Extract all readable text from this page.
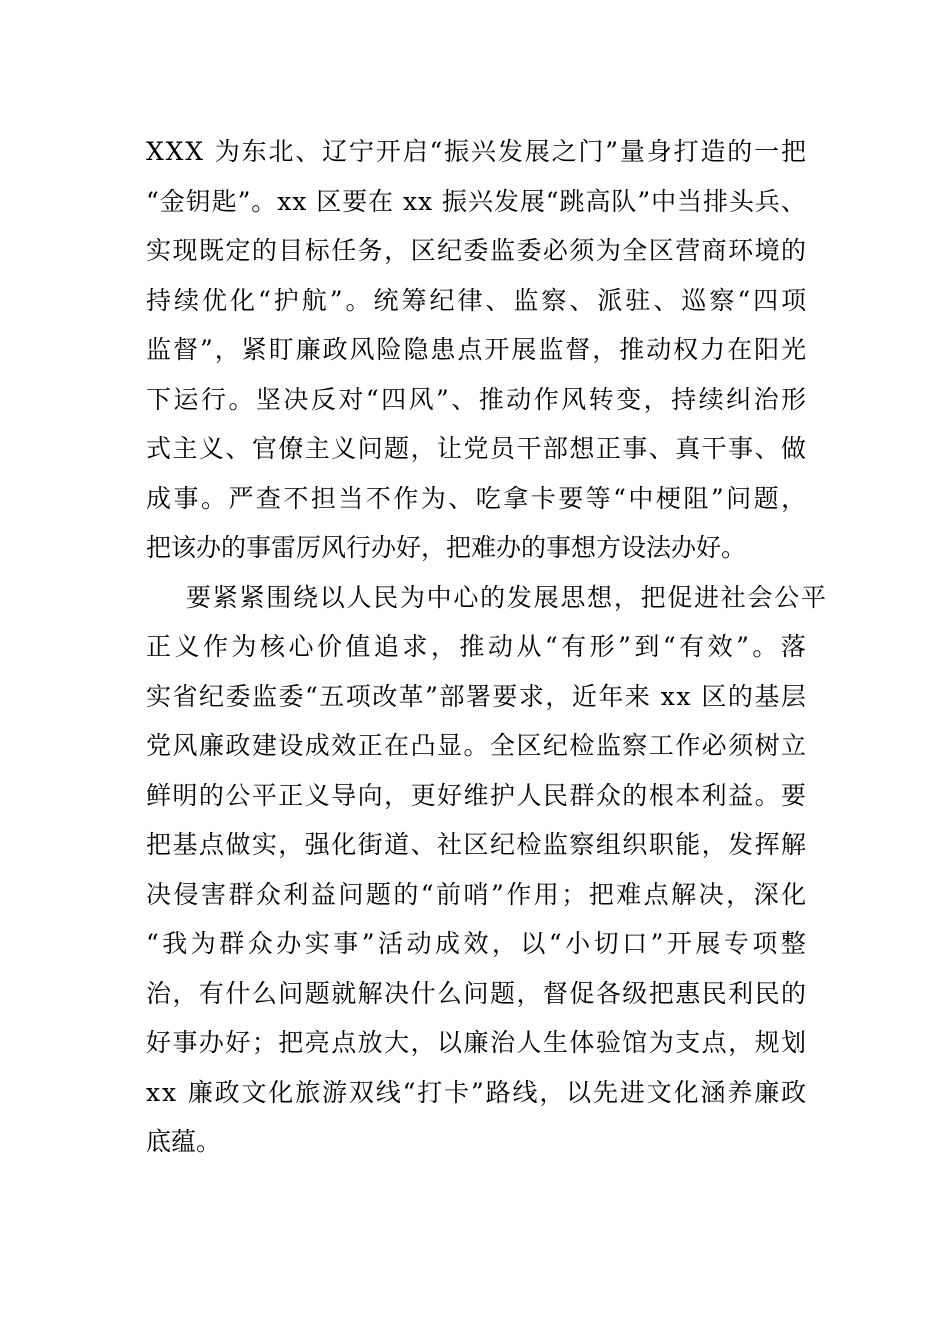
XXX 为东北、辽宁开启“振兴发展之门”量身打造的一把
“金钥匙”。xx 区要在 xx 振兴发展“跳高队”中当排头兵、
实现既定的目标任务，区纪委监委必须为全区营商环境的
持续优化“护航”。统筹纪律、监察、派驻、巡察“四项
监督”，紧盯廉政风险隐患点开展监督，推动权力在阳光
下运行。坚决反对“四风”、推动作风转变，持续纠治形
式主义、官僚主义问题，让党员干部想正事、真干事、做
成事。严查不担当不作为、吃拿卡要等“中梗阻”问题，
把该办的事雷厉风行办好，把难办的事想方设法办好。
要紧紧围绕以人民为中心的发展思想，把促进社会公平
正义作为核心价值追求，推动从“有形”到“有效”。落
实省纪委监委“五项改革”部署要求，近年来 xx 区的基层
党风廉政建设成效正在凸显。全区纪检监察工作必须树立
鲜明的公平正义导向，更好维护人民群众的根本利益。要
把基点做实，强化街道、社区纪检监察组织职能，发挥解
决侵害群众利益问题的“前哨”作用；把难点解决，深化
“我为群众办实事”活动成效，以“小切口”开展专项整
治，有什么问题就解决什么问题，督促各级把惠民利民的
好事办好；把亮点放大，以廉治人生体验馆为支点，规划
xx 廉政文化旅游双线“打卡”路线，以先进文化涵养廉政
底蕴。
